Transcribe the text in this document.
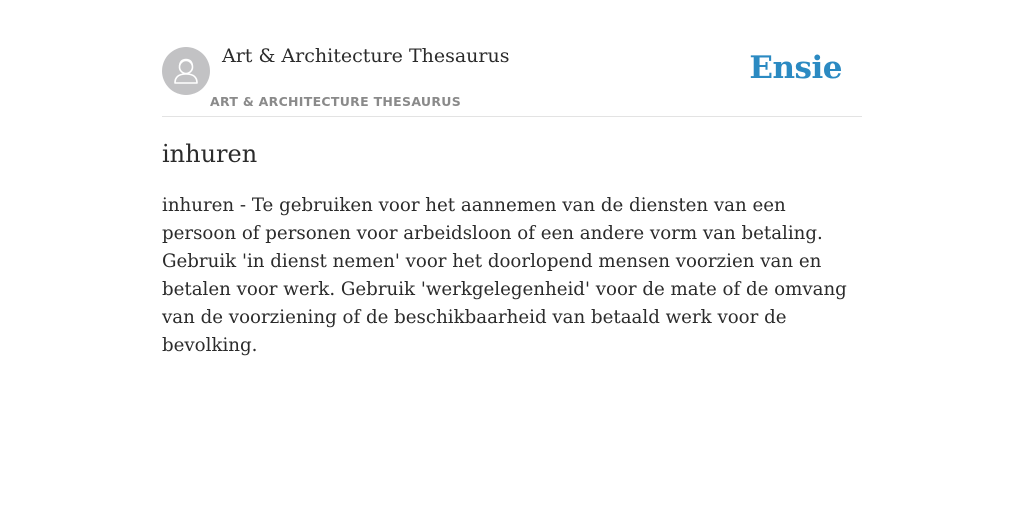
Art & Architecture Thesaurus
ART & ARCHITECTURE THESAURUS
Ensie
inhuren

inhuren - Te gebruiken voor het aannemen van de diensten van een persoon of personen voor arbeidsloon of een andere vorm van betaling. Gebruik 'in dienst nemen' voor het doorlopend mensen voorzien van en betalen voor werk. Gebruik 'werkgelegenheid' voor de mate of de omvang van de voorziening of de beschikbaarheid van betaald werk voor de bevolking.
